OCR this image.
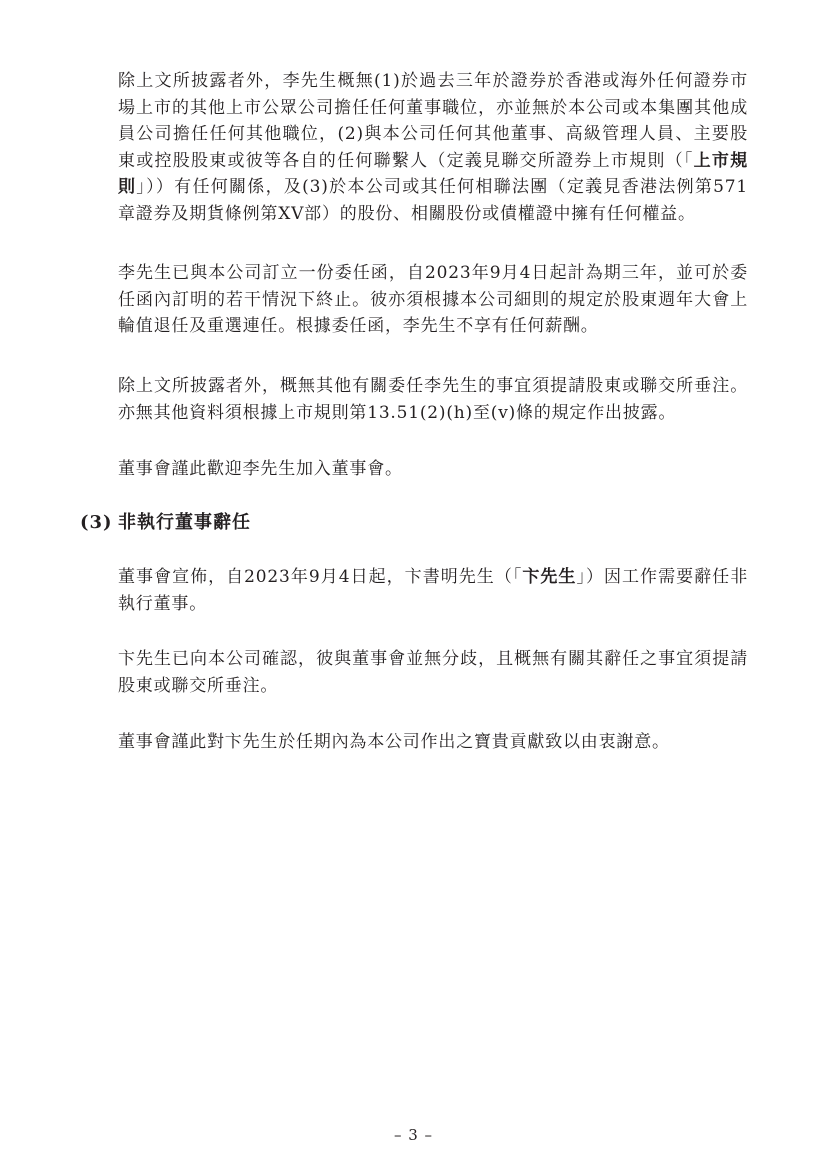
除上文所披露者外，李先生概無(1)於過去三年於證券於香港或海外任何證券市場上市的其他上市公眾公司擔任任何董事職位，亦並無於本公司或本集團其他成員公司擔任任何其他職位，(2)與本公司任何其他董事、高級管理人員、主要股東或控股股東或彼等各自的任何聯繫人（定義見聯交所證券上市規則（「上市規則」））有任何關係，及(3)於本公司或其任何相聯法團（定義見香港法例第571章證券及期貨條例第XV部）的股份、相關股份或債權證中擁有任何權益。

李先生已與本公司訂立一份委任函，自2023年9月4日起計為期三年，並可於委任函內訂明的若干情況下終止。彼亦須根據本公司細則的規定於股東週年大會上輪值退任及重選連任。根據委任函，李先生不享有任何薪酬。

除上文所披露者外，概無其他有關委任李先生的事宜須提請股東或聯交所垂注。亦無其他資料須根據上市規則第13.51(2)(h)至(v)條的規定作出披露。

董事會謹此歡迎李先生加入董事會。

(3) 非執行董事辭任

董事會宣佈，自2023年9月4日起，卞書明先生（「卞先生」）因工作需要辭任非執行董事。

卞先生已向本公司確認，彼與董事會並無分歧，且概無有關其辭任之事宜須提請股東或聯交所垂注。

董事會謹此對卞先生於任期內為本公司作出之寶貴貢獻致以由衷謝意。

– 3 –
